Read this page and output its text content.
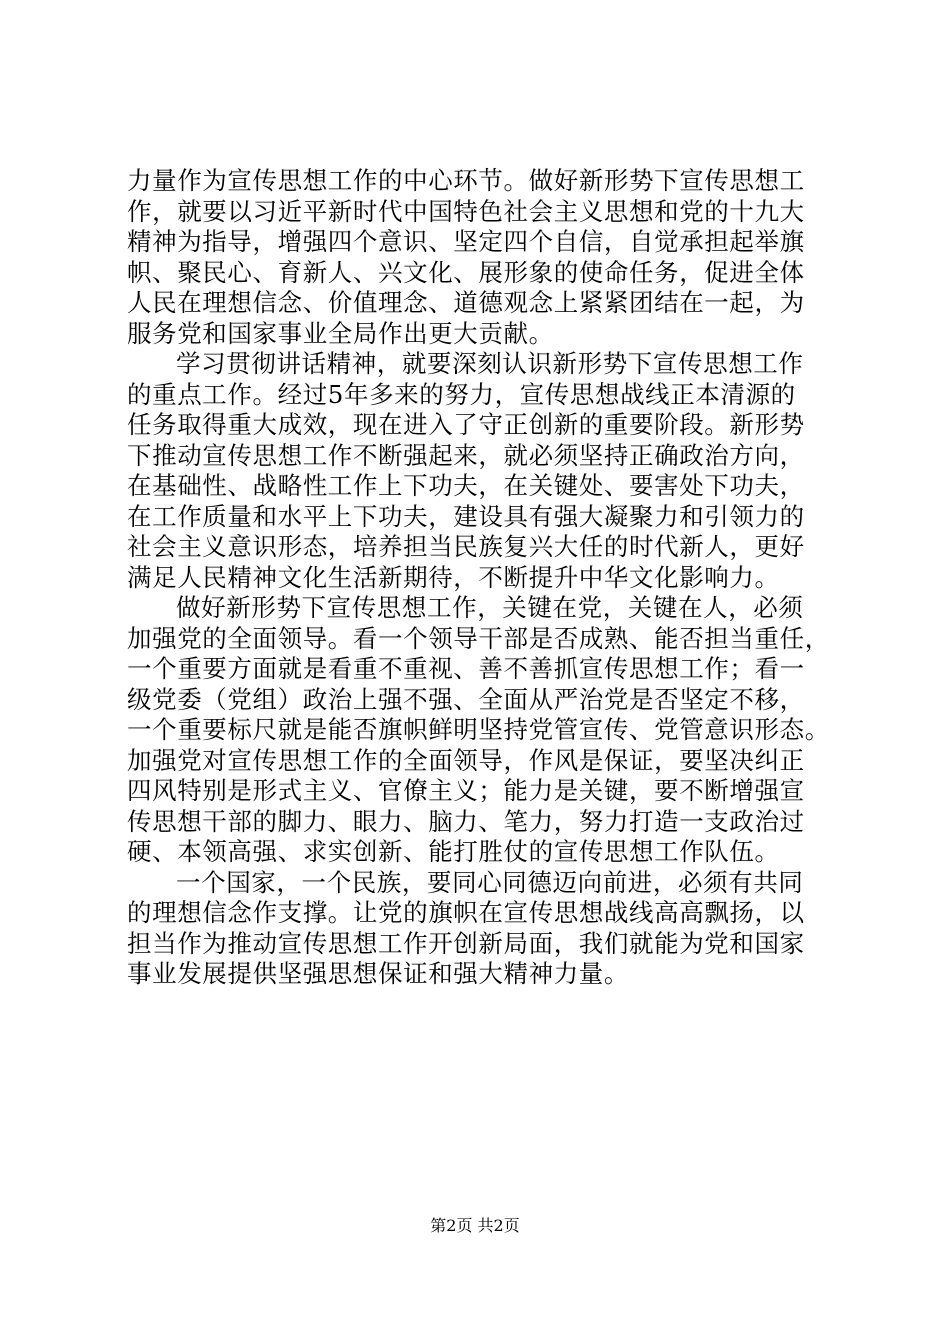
力量作为宣传思想工作的中心环节。做好新形势下宣传思想工
作，就要以习近平新时代中国特色社会主义思想和党的十九大
精神为指导，增强四个意识、坚定四个自信，自觉承担起举旗
帜、聚民心、育新人、兴文化、展形象的使命任务，促进全体
人民在理想信念、价值理念、道德观念上紧紧团结在一起，为
服务党和国家事业全局作出更大贡献。
学习贯彻讲话精神，就要深刻认识新形势下宣传思想工作
的重点工作。经过5年多来的努力，宣传思想战线正本清源的
任务取得重大成效，现在进入了守正创新的重要阶段。新形势
下推动宣传思想工作不断强起来，就必须坚持正确政治方向，
在基础性、战略性工作上下功夫，在关键处、要害处下功夫，
在工作质量和水平上下功夫，建设具有强大凝聚力和引领力的
社会主义意识形态，培养担当民族复兴大任的时代新人，更好
满足人民精神文化生活新期待，不断提升中华文化影响力。
做好新形势下宣传思想工作，关键在党，关键在人，必须
加强党的全面领导。看一个领导干部是否成熟、能否担当重任，
一个重要方面就是看重不重视、善不善抓宣传思想工作；看一
级党委（党组）政治上强不强、全面从严治党是否坚定不移，
一个重要标尺就是能否旗帜鲜明坚持党管宣传、党管意识形态。
加强党对宣传思想工作的全面领导，作风是保证，要坚决纠正
四风特别是形式主义、官僚主义；能力是关键，要不断增强宣
传思想干部的脚力、眼力、脑力、笔力，努力打造一支政治过
硬、本领高强、求实创新、能打胜仗的宣传思想工作队伍。
一个国家，一个民族，要同心同德迈向前进，必须有共同
的理想信念作支撑。让党的旗帜在宣传思想战线高高飘扬，以
担当作为推动宣传思想工作开创新局面，我们就能为党和国家
事业发展提供坚强思想保证和强大精神力量。
第2页 共2页
